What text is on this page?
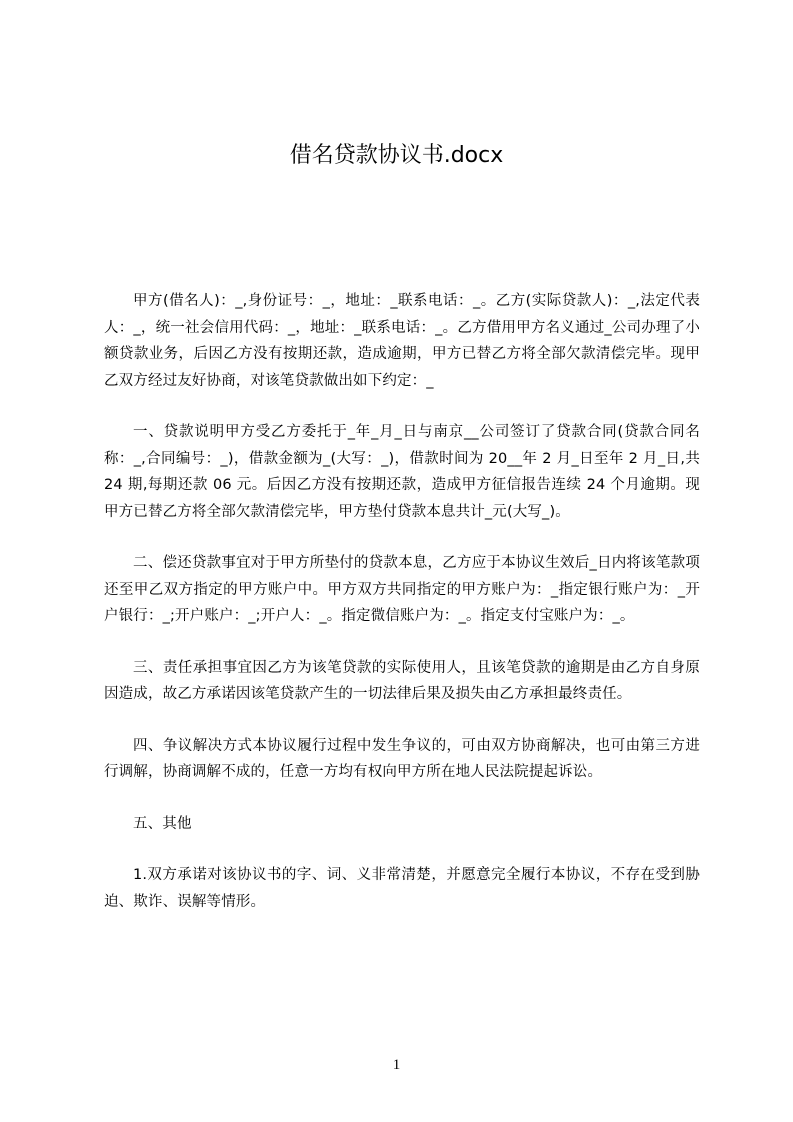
借名贷款协议书.docx

甲方(借名人)：_,身份证号：_，地址：_联系电话：_。乙方(实际贷款人)：_,法定代表人：_，统一社会信用代码：_，地址：_联系电话：_。乙方借用甲方名义通过_公司办理了小额贷款业务，后因乙方没有按期还款，造成逾期，甲方已替乙方将全部欠款清偿完毕。现甲乙双方经过友好协商，对该笔贷款做出如下约定：_

一、贷款说明甲方受乙方委托于_年_月_日与南京__公司签订了贷款合同(贷款合同名称：_,合同编号：_)，借款金额为_(大写：_)，借款时间为 20__年 2 月_日至年 2 月_日,共 24 期,每期还款 06 元。后因乙方没有按期还款，造成甲方征信报告连续 24 个月逾期。现甲方已替乙方将全部欠款清偿完毕，甲方垫付贷款本息共计_元(大写_)。

二、偿还贷款事宜对于甲方所垫付的贷款本息，乙方应于本协议生效后_日内将该笔款项还至甲乙双方指定的甲方账户中。甲方双方共同指定的甲方账户为：_指定银行账户为：_开户银行：_;开户账户：_;开户人：_。指定微信账户为：_。指定支付宝账户为：_。

三、责任承担事宜因乙方为该笔贷款的实际使用人，且该笔贷款的逾期是由乙方自身原因造成，故乙方承诺因该笔贷款产生的一切法律后果及损失由乙方承担最终责任。

四、争议解决方式本协议履行过程中发生争议的，可由双方协商解决，也可由第三方进行调解，协商调解不成的，任意一方均有权向甲方所在地人民法院提起诉讼。

五、其他

1.双方承诺对该协议书的字、词、义非常清楚，并愿意完全履行本协议，不存在受到胁迫、欺诈、误解等情形。

1
